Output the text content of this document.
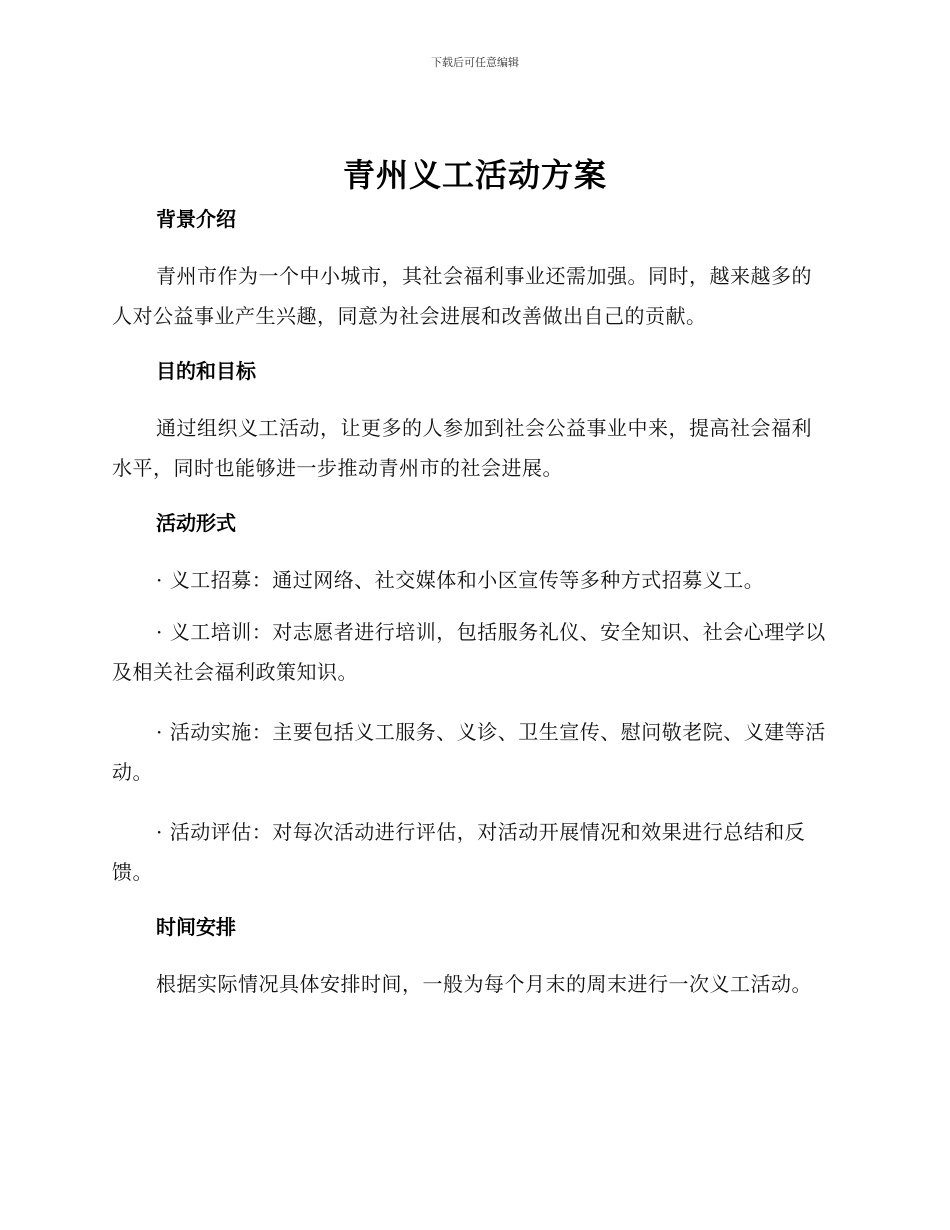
下载后可任意编辑
青州义工活动方案
背景介绍
青州市作为一个中小城市，其社会福利事业还需加强。同时，越来越多的人对公益事业产生兴趣，同意为社会进展和改善做出自己的贡献。
目的和目标
通过组织义工活动，让更多的人参加到社会公益事业中来，提高社会福利水平，同时也能够进一步推动青州市的社会进展。
活动形式
· 义工招募：通过网络、社交媒体和小区宣传等多种方式招募义工。
· 义工培训：对志愿者进行培训，包括服务礼仪、安全知识、社会心理学以及相关社会福利政策知识。
· 活动实施：主要包括义工服务、义诊、卫生宣传、慰问敬老院、义建等活动。
· 活动评估：对每次活动进行评估，对活动开展情况和效果进行总结和反馈。
时间安排
根据实际情况具体安排时间，一般为每个月末的周末进行一次义工活动。
